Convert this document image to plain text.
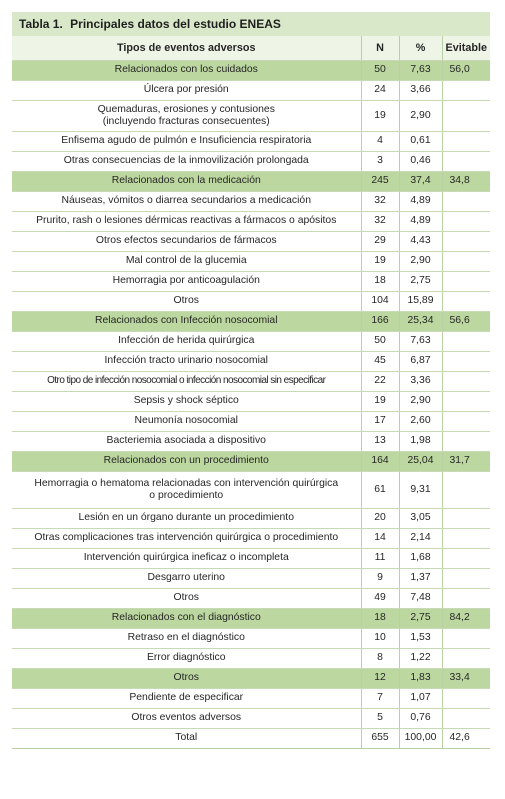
Tabla 1. Principales datos del estudio ENEAS
Tipos de eventos adversos	N	%	Evitable
Relacionados con los cuidados	50	7,63	56,0
Úlcera por presión	24	3,66	
Quemaduras, erosiones y contusiones
(incluyendo fracturas consecuentes)	19	2,90	
Enfisema agudo de pulmón e Insuficiencia respiratoria	4	0,61	
Otras consecuencias de la inmovilización prolongada	3	0,46	
Relacionados con la medicación	245	37,4	34,8
Náuseas, vómitos o diarrea secundarios a medicación	32	4,89	
Prurito, rash o lesiones dérmicas reactivas a fármacos o apósitos	32	4,89	
Otros efectos secundarios de fármacos	29	4,43	
Mal control de la glucemia	19	2,90	
Hemorragia por anticoagulación	18	2,75	
Otros	104	15,89	
Relacionados con Infección nosocomial	166	25,34	56,6
Infección de herida quirúrgica	50	7,63	
Infección tracto urinario nosocomial	45	6,87	
Otro tipo de infección nosocomial o infección nosocomial sin especificar	22	3,36	
Sepsis y shock séptico	19	2,90	
Neumonía nosocomial	17	2,60	
Bacteriemia asociada a dispositivo	13	1,98	
Relacionados con un procedimiento	164	25,04	31,7
Hemorragia o hematoma relacionadas con intervención quirúrgica
o procedimiento	61	9,31	
Lesión en un órgano durante un procedimiento	20	3,05	
Otras complicaciones tras intervención quirúrgica o procedimiento	14	2,14	
Intervención quirúrgica ineficaz o incompleta	11	1,68	
Desgarro uterino	9	1,37	
Otros	49	7,48	
Relacionados con el diagnóstico	18	2,75	84,2
Retraso en el diagnóstico	10	1,53	
Error diagnóstico	8	1,22	
Otros	12	1,83	33,4
Pendiente de especificar	7	1,07	
Otros eventos adversos	5	0,76	
Total	655	100,00	42,6
